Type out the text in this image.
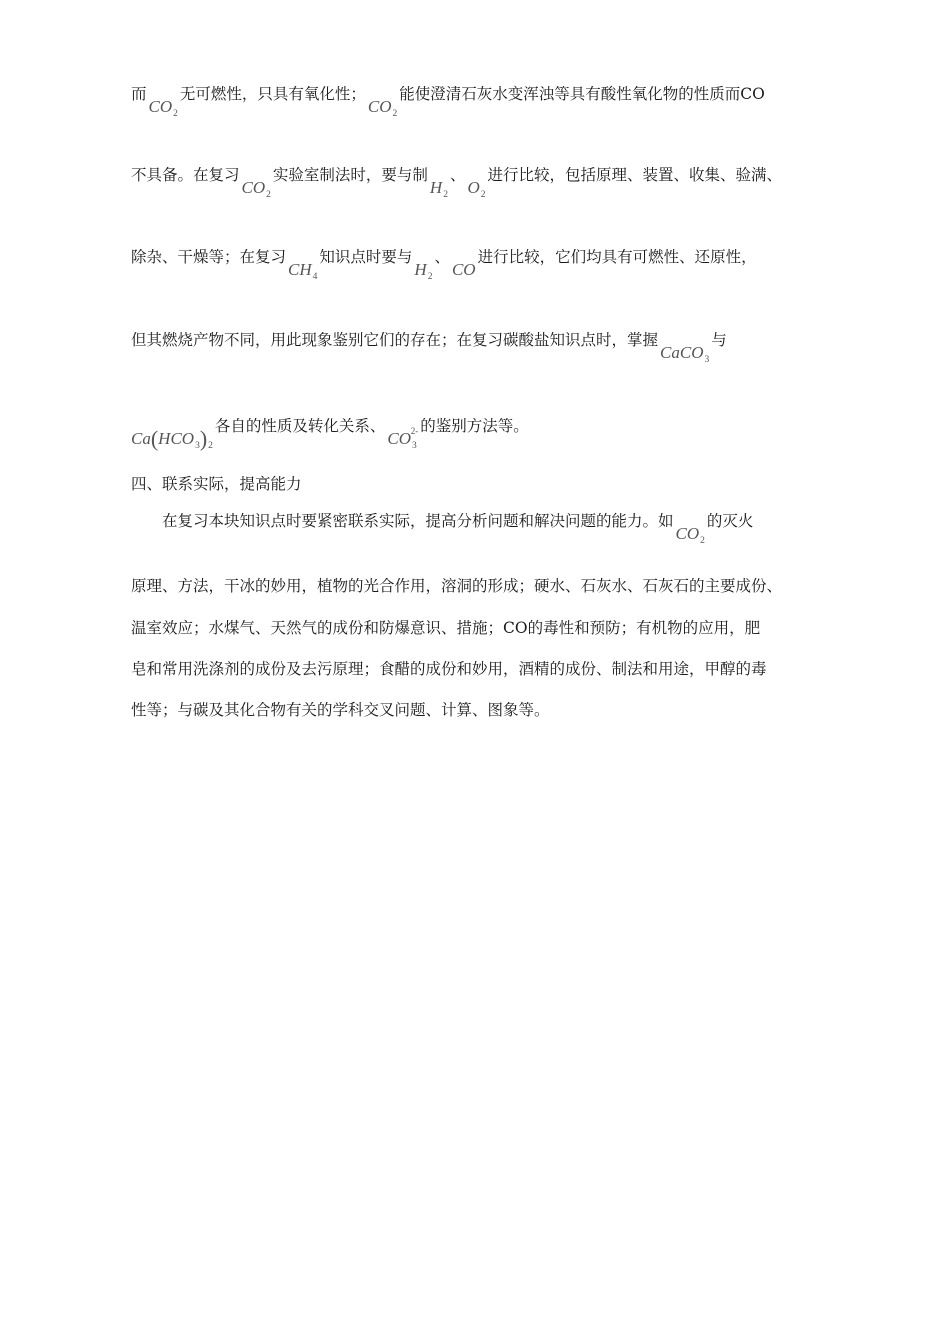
而$CO_2$无可燃性，只具有氧化性；$CO_2$能使澄清石灰水变浑浊等具有酸性氧化物的性质而CO
不具备。在复习$CO_2$实验室制法时，要与制$H_2$、$O_2$进行比较，包括原理、装置、收集、验满、
除杂、干燥等；在复习$CH_4$知识点时要与$H_2$、CO进行比较，它们均具有可燃性、还原性，
但其燃烧产物不同，用此现象鉴别它们的存在；在复习碳酸盐知识点时，掌握CaCO$_3$与
$Ca(HCO_3)_2$各自的性质及转化关系、$CO_3^{2-}$ 的鉴别方法等。
四、联系实际，提高能力
在复习本块知识点时要紧密联系实际，提高分析问题和解决问题的能力。如$CO_2$的灭火
原理、方法，干冰的妙用，植物的光合作用，溶洞的形成；硬水、石灰水、石灰石的主要成份、
温室效应；水煤气、天然气的成份和防爆意识、措施；CO的毒性和预防；有机物的应用，肥
皂和常用洗涤剂的成份及去污原理；食醋的成份和妙用，酒精的成份、制法和用途，甲醇的毒
性等；与碳及其化合物有关的学科交叉问题、计算、图象等。
